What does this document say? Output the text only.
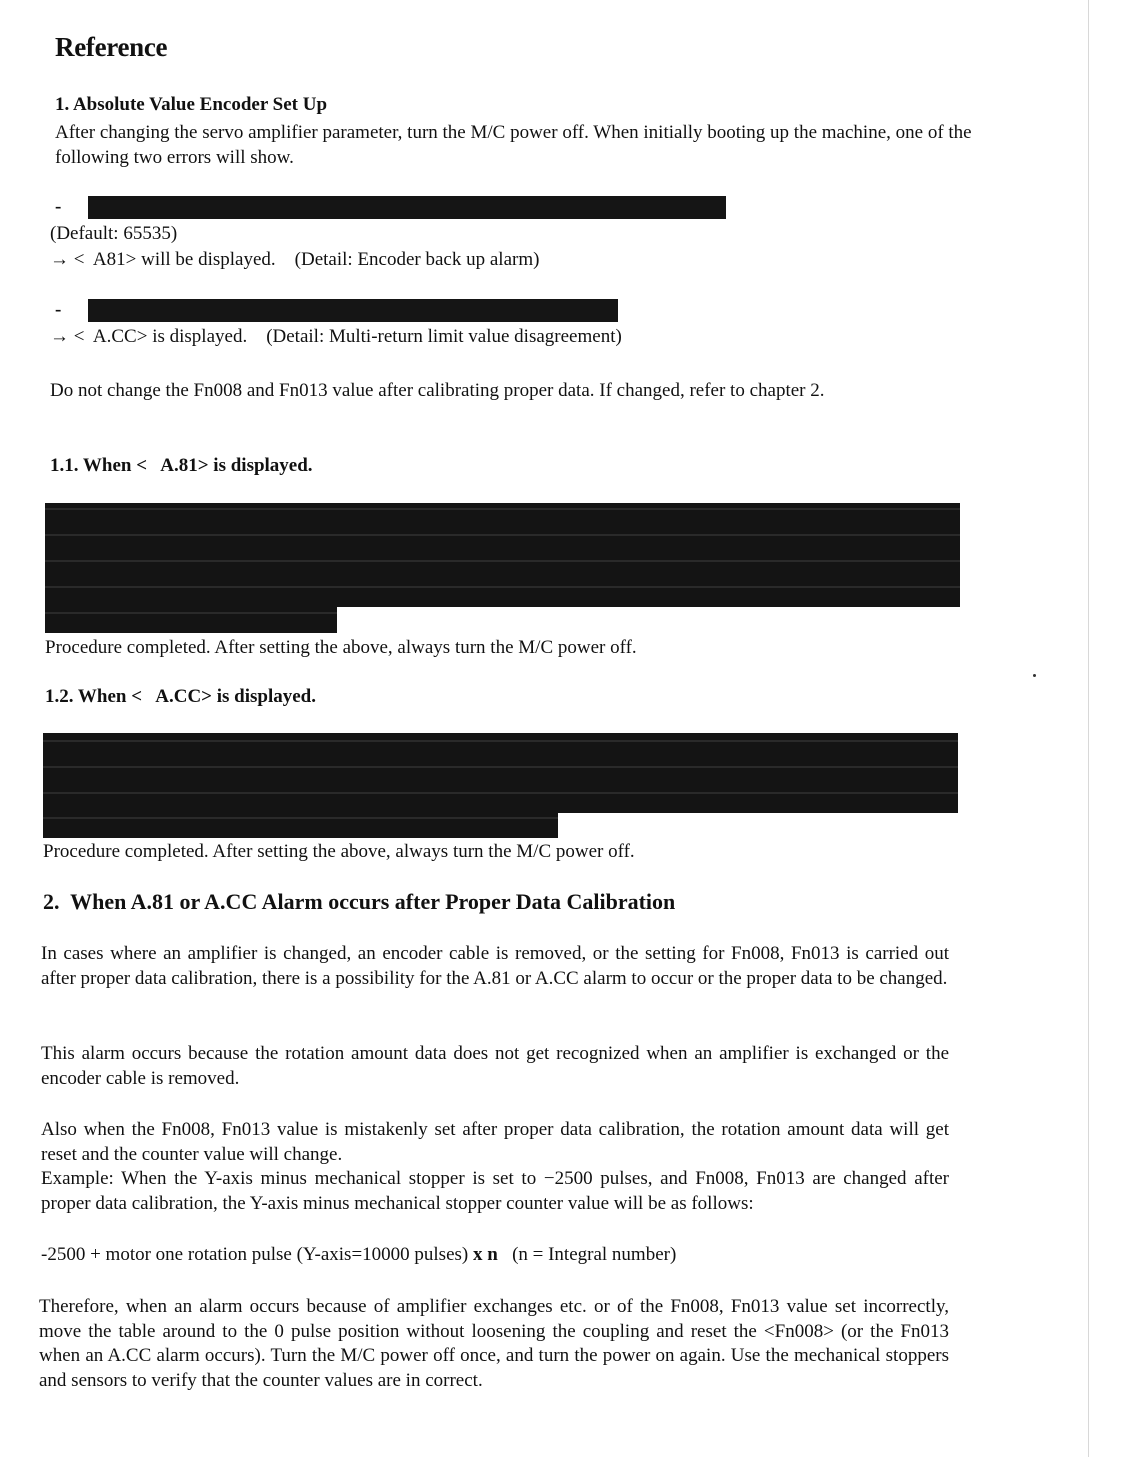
Reference
1. Absolute Value Encoder Set Up
After changing the servo amplifier parameter, turn the M/C power off. When initially booting up the machine, one of the following two errors will show.
-
(Default: 65535)
→ <  A81> will be displayed.    (Detail: Encoder back up alarm)
-
→ <  A.CC> is displayed.    (Detail: Multi-return limit value disagreement)
Do not change the Fn008 and Fn013 value after calibrating proper data. If changed, refer to chapter 2.
1.1. When <   A.81> is displayed.
Procedure completed. After setting the above, always turn the M/C power off.
1.2. When <   A.CC> is displayed.
Procedure completed. After setting the above, always turn the M/C power off.
2.  When A.81 or A.CC Alarm occurs after Proper Data Calibration
In cases where an amplifier is changed, an encoder cable is removed, or the setting for Fn008, Fn013 is carried out after proper data calibration, there is a possibility for the A.81 or A.CC alarm to occur or the proper data to be changed.
This alarm occurs because the rotation amount data does not get recognized when an amplifier is exchanged or the encoder cable is removed.
Also when the Fn008, Fn013 value is mistakenly set after proper data calibration, the rotation amount data will get reset and the counter value will change.
Example: When the Y-axis minus mechanical stopper is set to −2500 pulses, and Fn008, Fn013 are changed after proper data calibration, the Y-axis minus mechanical stopper counter value will be as follows:
-2500 + motor one rotation pulse (Y-axis=10000 pulses) x n   (n = Integral number)
Therefore, when an alarm occurs because of amplifier exchanges etc. or of the Fn008, Fn013 value set incorrectly, move the table around to the 0 pulse position without loosening the coupling and reset the <Fn008> (or the Fn013 when an A.CC alarm occurs). Turn the M/C power off once, and turn the power on again. Use the mechanical stoppers and sensors to verify that the counter values are in correct.
